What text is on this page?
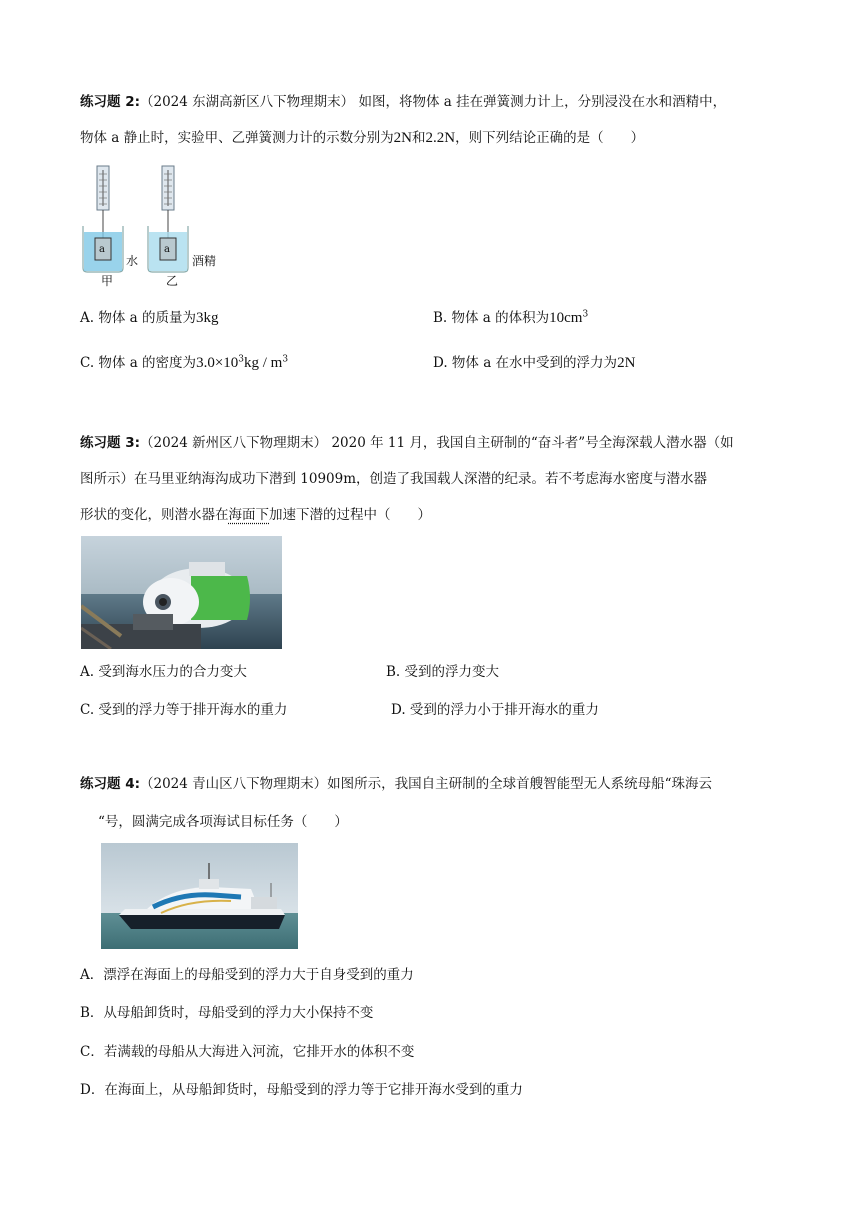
练习题 2:（2024 东湖高新区八下物理期末） 如图，将物体 a 挂在弹簧测力计上，分别浸没在水和酒精中，
物体 a 静止时，实验甲、乙弹簧测力计的示数分别为2N和2.2N，则下列结论正确的是（　　）
a	a
水	酒精
甲	乙
A. 物体 a 的质量为3kg	B. 物体 a 的体积为$10cm^3$
C. 物体 a 的密度为$3.0\times 10^3kg / m^3$	D. 物体 a 在水中受到的浮力为2N
练习题 3:（2024 新州区八下物理期末） 2020 年 11 月，我国自主研制的“奋斗者”号全海深载人潜水器（如
图所示）在马里亚纳海沟成功下潜到 10909m，创造了我国载人深潜的纪录。若不考虑海水密度与潜水器
形状的变化，则潜水器在海面下加速下潜的过程中（　　）
A. 受到海水压力的合力变大	B. 受到的浮力变大
C. 受到的浮力等于排开海水的重力	D. 受到的浮力小于排开海水的重力
练习题 4:（2024 青山区八下物理期末）如图所示，我国自主研制的全球首艘智能型无人系统母船“珠海云
“号，圆满完成各项海试目标任务（　　）
A．漂浮在海面上的母船受到的浮力大于自身受到的重力
B．从母船卸货时，母船受到的浮力大小保持不变
C．若满载的母船从大海进入河流，它排开水的体积不变
D．在海面上，从母船卸货时，母船受到的浮力等于它排开海水受到的重力
